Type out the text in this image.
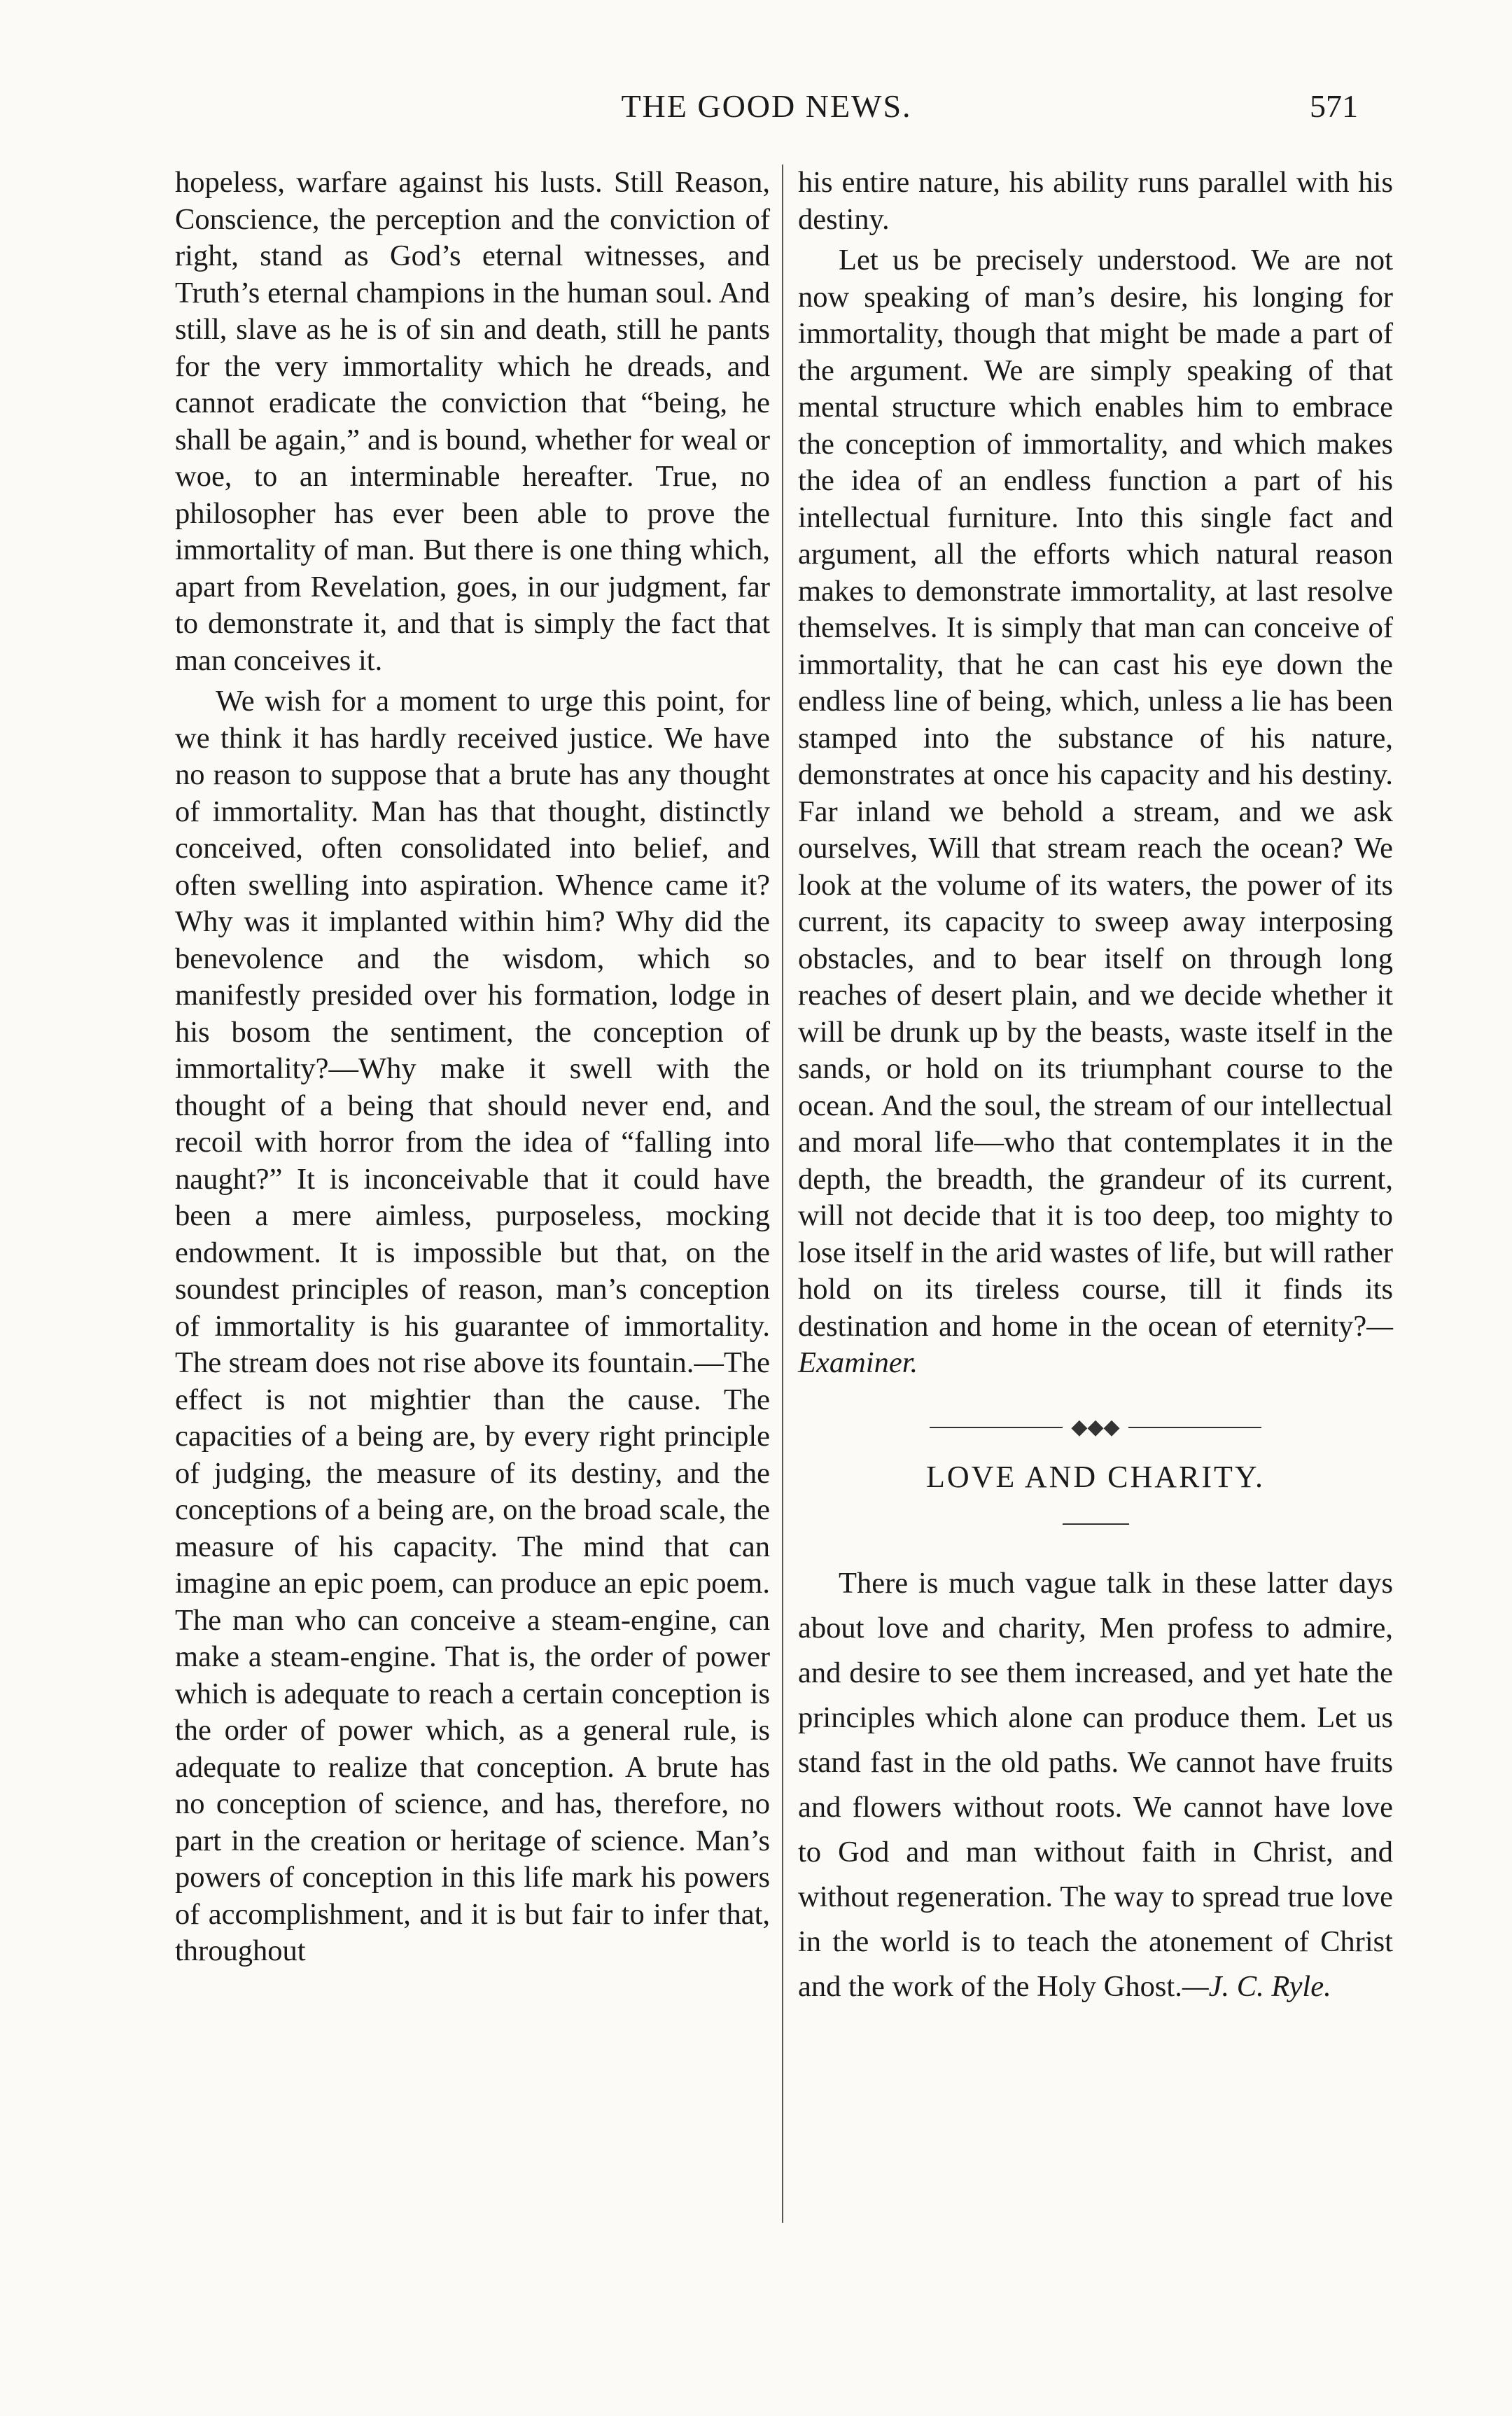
THE GOOD NEWS.	571

hopeless, warfare against his lusts. Still Reason, Conscience, the perception and the conviction of right, stand as God’s eternal witnesses, and Truth’s eternal champions in the human soul. And still, slave as he is of sin and death, still he pants for the very immortality which he dreads, and cannot eradicate the conviction that “being, he shall be again,” and is bound, whether for weal or woe, to an interminable hereafter. True, no philosopher has ever been able to prove the immortality of man. But there is one thing which, apart from Revelation, goes, in our judgment, far to demonstrate it, and that is simply the fact that man conceives it.

We wish for a moment to urge this point, for we think it has hardly received justice. We have no reason to suppose that a brute has any thought of immortality. Man has that thought, distinctly conceived, often consolidated into belief, and often swelling into aspiration. Whence came it? Why was it implanted within him? Why did the benevolence and the wisdom, which so manifestly presided over his formation, lodge in his bosom the sentiment, the conception of immortality?—Why make it swell with the thought of a being that should never end, and recoil with horror from the idea of “falling into naught?” It is inconceivable that it could have been a mere aimless, purposeless, mocking endowment. It is impossible but that, on the soundest principles of reason, man’s conception of immortality is his guarantee of immortality. The stream does not rise above its fountain.—The effect is not mightier than the cause. The capacities of a being are, by every right principle of judging, the measure of its destiny, and the conceptions of a being are, on the broad scale, the measure of his capacity. The mind that can imagine an epic poem, can produce an epic poem. The man who can conceive a steam-engine, can make a steam-engine. That is, the order of power which is adequate to reach a certain conception is the order of power which, as a general rule, is adequate to realize that conception. A brute has no conception of science, and has, therefore, no part in the creation or heritage of science. Man’s powers of conception in this life mark his powers of accomplishment, and it is but fair to infer that, throughout

his entire nature, his ability runs parallel with his destiny.

Let us be precisely understood. We are not now speaking of man’s desire, his longing for immortality, though that might be made a part of the argument. We are simply speaking of that mental structure which enables him to embrace the conception of immortality, and which makes the idea of an endless function a part of his intellectual furniture. Into this single fact and argument, all the efforts which natural reason makes to demonstrate immortality, at last resolve themselves. It is simply that man can conceive of immortality, that he can cast his eye down the endless line of being, which, unless a lie has been stamped into the substance of his nature, demonstrates at once his capacity and his destiny. Far inland we behold a stream, and we ask ourselves, Will that stream reach the ocean? We look at the volume of its waters, the power of its current, its capacity to sweep away interposing obstacles, and to bear itself on through long reaches of desert plain, and we decide whether it will be drunk up by the beasts, waste itself in the sands, or hold on its triumphant course to the ocean. And the soul, the stream of our intellectual and moral life—who that contemplates it in the depth, the breadth, the grandeur of its current, will not decide that it is too deep, too mighty to lose itself in the arid wastes of life, but will rather hold on its tireless course, till it finds its destination and home in the ocean of eternity?—Examiner.

◆◆◆
LOVE AND CHARITY.

There is much vague talk in these latter days about love and charity, Men profess to admire, and desire to see them increased, and yet hate the principles which alone can produce them. Let us stand fast in the old paths. We cannot have fruits and flowers without roots. We cannot have love to God and man without faith in Christ, and without regeneration. The way to spread true love in the world is to teach the atonement of Christ and the work of the Holy Ghost.—J. C. Ryle.
